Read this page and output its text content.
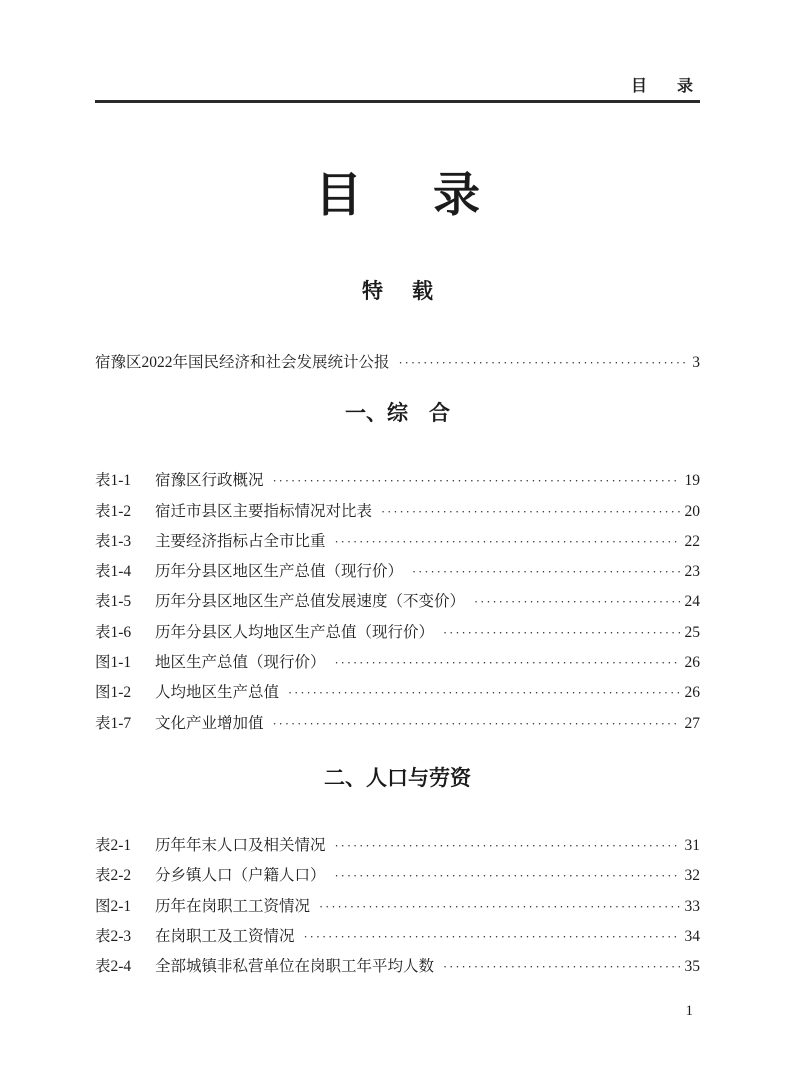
目　录
目　录
特　载
宿豫区2022年国民经济和社会发展统计公报 ·····	3
一、综　合
表1-1	宿豫区行政概况 ·····	19
表1-2	宿迁市县区主要指标情况对比表 ·····	20
表1-3	主要经济指标占全市比重 ·····	22
表1-4	历年分县区地区生产总值（现行价） ·····	23
表1-5	历年分县区地区生产总值发展速度（不变价） ·····	24
表1-6	历年分县区人均地区生产总值（现行价） ·····	25
图1-1	地区生产总值（现行价） ·····	26
图1-2	人均地区生产总值 ·····	26
表1-7	文化产业增加值 ·····	27
二、人口与劳资
表2-1	历年年末人口及相关情况 ·····	31
表2-2	分乡镇人口（户籍人口） ·····	32
图2-1	历年在岗职工工资情况 ·····	33
表2-3	在岗职工及工资情况 ·····	34
表2-4	全部城镇非私营单位在岗职工年平均人数 ·····	35
1
